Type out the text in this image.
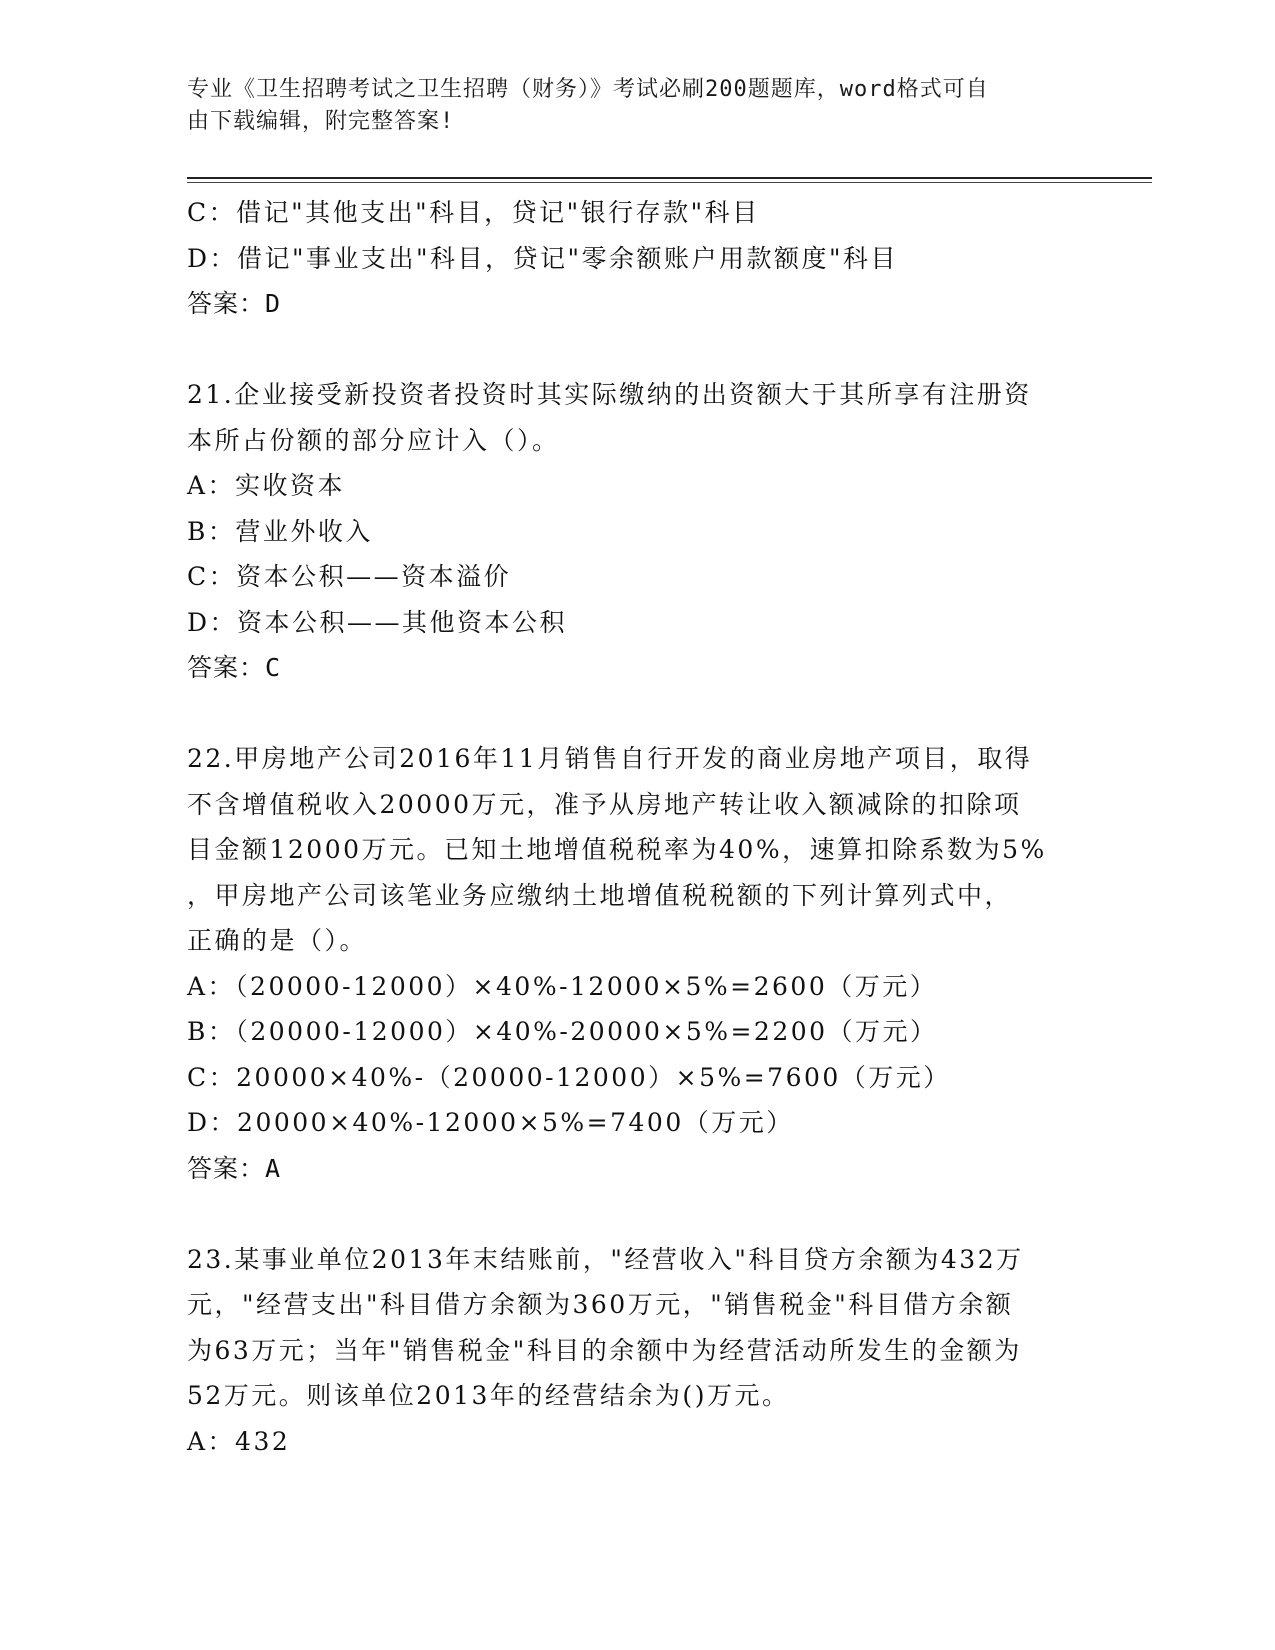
专业《卫生招聘考试之卫生招聘（财务）》考试必刷200题题库，word格式可自
由下载编辑，附完整答案!
C：借记"其他支出"科目，贷记"银行存款"科目
D：借记"事业支出"科目，贷记"零余额账户用款额度"科目
答案：D
21.企业接受新投资者投资时其实际缴纳的出资额大于其所享有注册资
本所占份额的部分应计入（）。
A：实收资本
B：营业外收入
C：资本公积——资本溢价
D：资本公积——其他资本公积
答案：C
22.甲房地产公司2016年11月销售自行开发的商业房地产项目，取得
不含增值税收入20000万元，准予从房地产转让收入额减除的扣除项
目金额12000万元。已知土地增值税税率为40%，速算扣除系数为5%
，甲房地产公司该笔业务应缴纳土地增值税税额的下列计算列式中，
正确的是（）。
A：（20000-12000）×40%-12000×5%=2600（万元）
B：（20000-12000）×40%-20000×5%=2200（万元）
C：20000×40%-（20000-12000）×5%=7600（万元）
D：20000×40%-12000×5%=7400（万元）
答案：A
23.某事业单位2013年末结账前，"经营收入"科目贷方余额为432万
元，"经营支出"科目借方余额为360万元，"销售税金"科目借方余额
为63万元；当年"销售税金"科目的余额中为经营活动所发生的金额为
52万元。则该单位2013年的经营结余为()万元。
A：432
